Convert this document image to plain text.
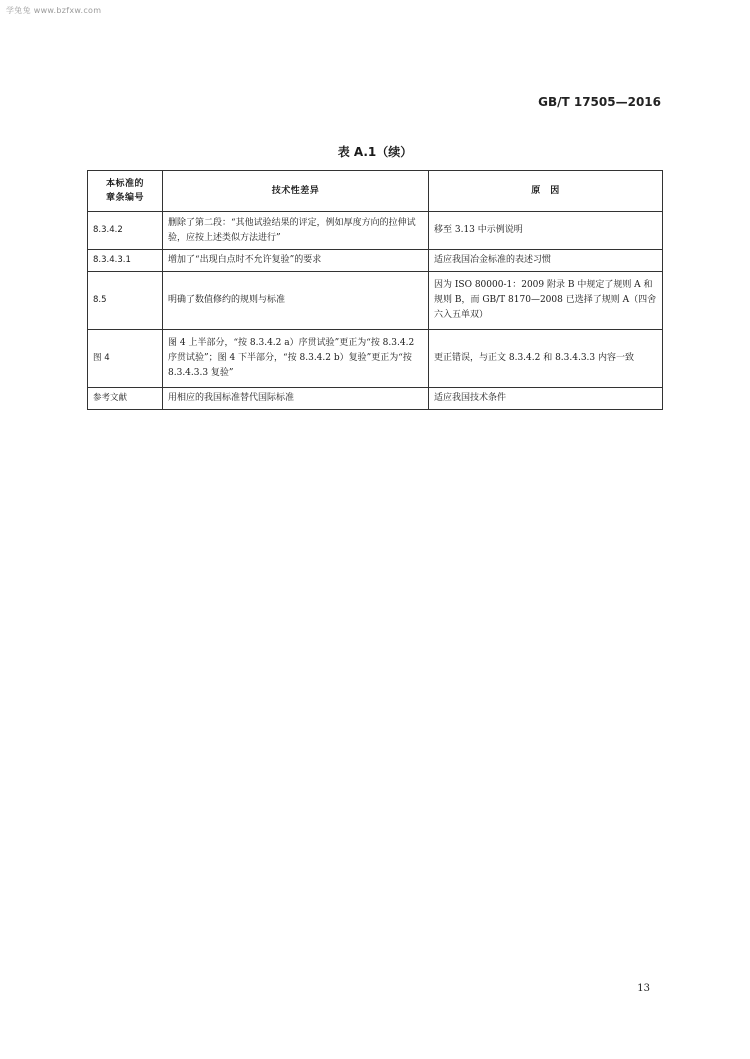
学兔兔 www.bzfxw.com
GB/T 17505—2016
表 A.1（续）
本标准的
章条编号	技术性差异	原　因
8.3.4.2	删除了第二段：“其他试验结果的评定，例如厚度方向的拉伸试验，应按上述类似方法进行”	移至 3.13 中示例说明
8.3.4.3.1	增加了“出现白点时不允许复验”的要求	适应我国冶金标准的表述习惯
8.5	明确了数值修约的规则与标准	因为 ISO 80000-1：2009 附录 B 中规定了规则 A 和规则 B，而 GB/T 8170—2008 已选择了规则 A（四舍六入五单双）
图 4	图 4 上半部分，“按 8.3.4.2 a）序贯试验”更正为“按 8.3.4.2 序贯试验”；图 4 下半部分，“按 8.3.4.2 b）复验”更正为“按 8.3.4.3.3 复验”	更正错误，与正文 8.3.4.2 和 8.3.4.3.3 内容一致
参考文献	用相应的我国标准替代国际标准	适应我国技术条件
13
